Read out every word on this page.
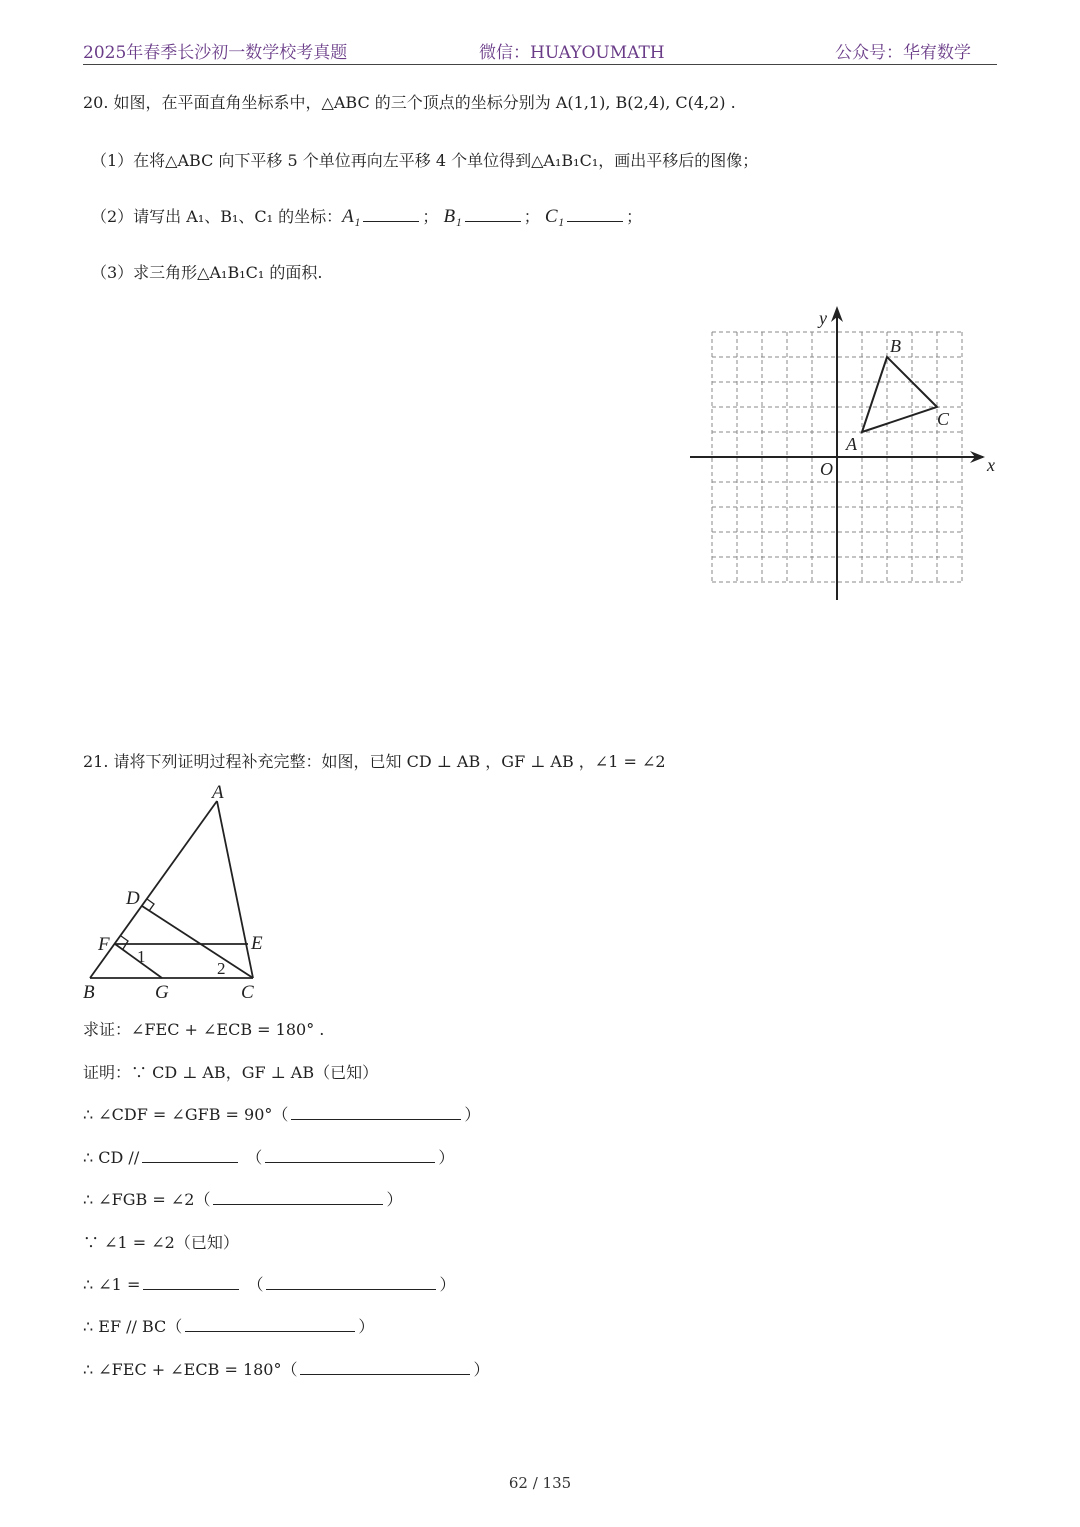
2025年春季长沙初一数学校考真题	微信：HUAYOUMATH	公众号：华宥数学
20. 如图，在平面直角坐标系中，△ABC 的三个顶点的坐标分别为 A(1,1), B(2,4), C(4,2) .
（1）在将△ABC 向下平移 5 个单位再向左平移 4 个单位得到△A₁B₁C₁，画出平移后的图像；
（2）请写出 A₁、B₁、C₁ 的坐标：A₁	； B₁	； C₁	；
（3）求三角形△A₁B₁C₁ 的面积.
x
y
O
A
B
C
21. 请将下列证明过程补充完整：如图，已知 CD ⊥ AB ，GF ⊥ AB ，∠1 = ∠2
A
B	C
D
E
F
G
1
2
求证：∠FEC + ∠ECB = 180° .
证明：∵ CD ⊥ AB，GF ⊥ AB（已知）
∴ ∠CDF = ∠GFB = 90°（	）
∴ CD //	（	）
∴ ∠FGB = ∠2（	）
∵ ∠1 = ∠2（已知）
∴ ∠1 =	（	）
∴ EF // BC（	）
∴ ∠FEC + ∠ECB = 180°（	）
62 / 135
